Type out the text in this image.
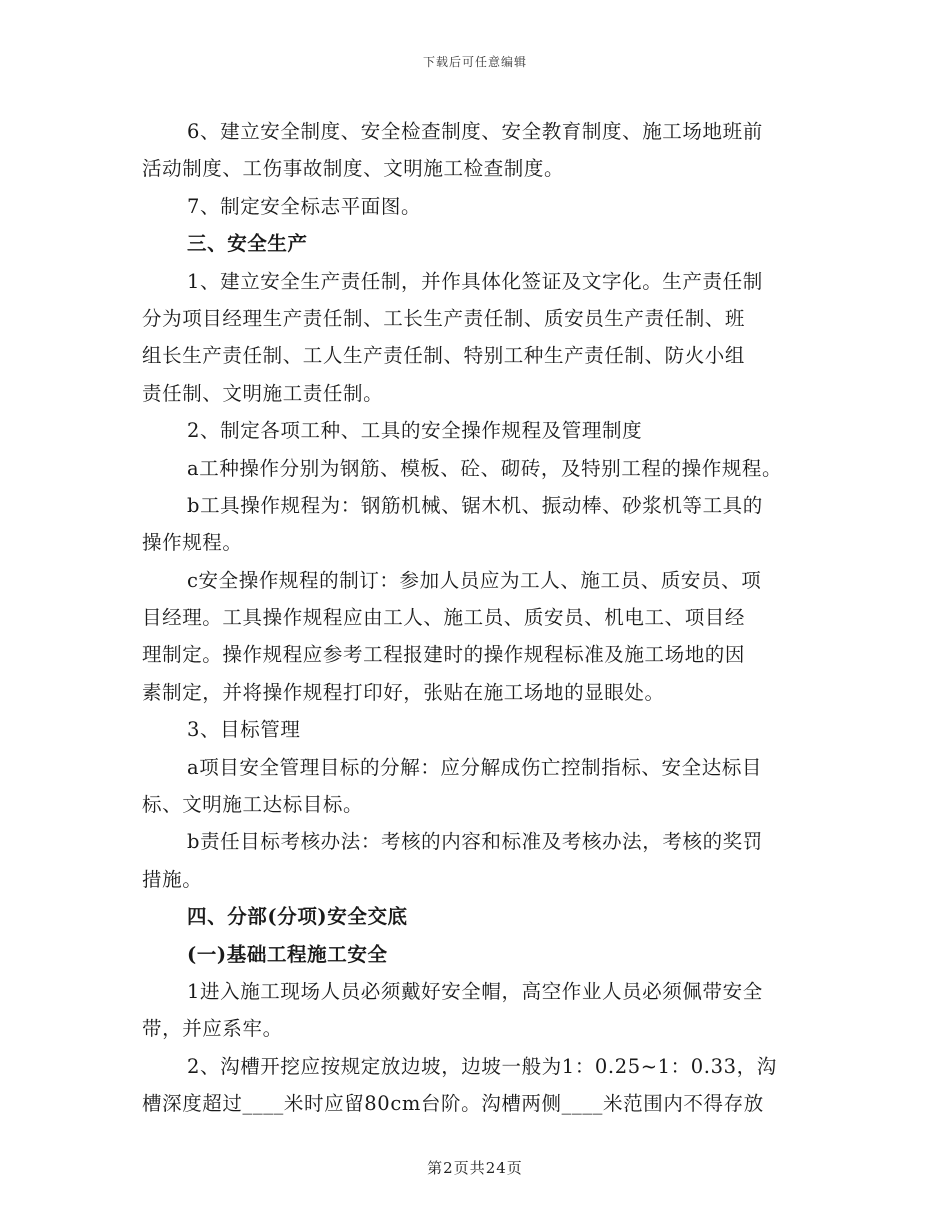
下载后可任意编辑
6、建立安全制度、安全检查制度、安全教育制度、施工场地班前
活动制度、工伤事故制度、文明施工检查制度。
7、制定安全标志平面图。
三、安全生产
1、建立安全生产责任制，并作具体化签证及文字化。生产责任制
分为项目经理生产责任制、工长生产责任制、质安员生产责任制、班
组长生产责任制、工人生产责任制、特别工种生产责任制、防火小组
责任制、文明施工责任制。
2、制定各项工种、工具的安全操作规程及管理制度
a工种操作分别为钢筋、模板、砼、砌砖，及特别工程的操作规程。
b工具操作规程为：钢筋机械、锯木机、振动棒、砂浆机等工具的
操作规程。
c安全操作规程的制订：参加人员应为工人、施工员、质安员、项
目经理。工具操作规程应由工人、施工员、质安员、机电工、项目经
理制定。操作规程应参考工程报建时的操作规程标准及施工场地的因
素制定，并将操作规程打印好，张贴在施工场地的显眼处。
3、目标管理
a项目安全管理目标的分解：应分解成伤亡控制指标、安全达标目
标、文明施工达标目标。
b责任目标考核办法：考核的内容和标准及考核办法，考核的奖罚
措施。
四、分部(分项)安全交底
(一)基础工程施工安全
1进入施工现场人员必须戴好安全帽，高空作业人员必须佩带安全
带，并应系牢。
2、沟槽开挖应按规定放边坡，边坡一般为1：0.25~1：0.33，沟
槽深度超过____米时应留80cm台阶。沟槽两侧____米范围内不得存放
第2页共24页
